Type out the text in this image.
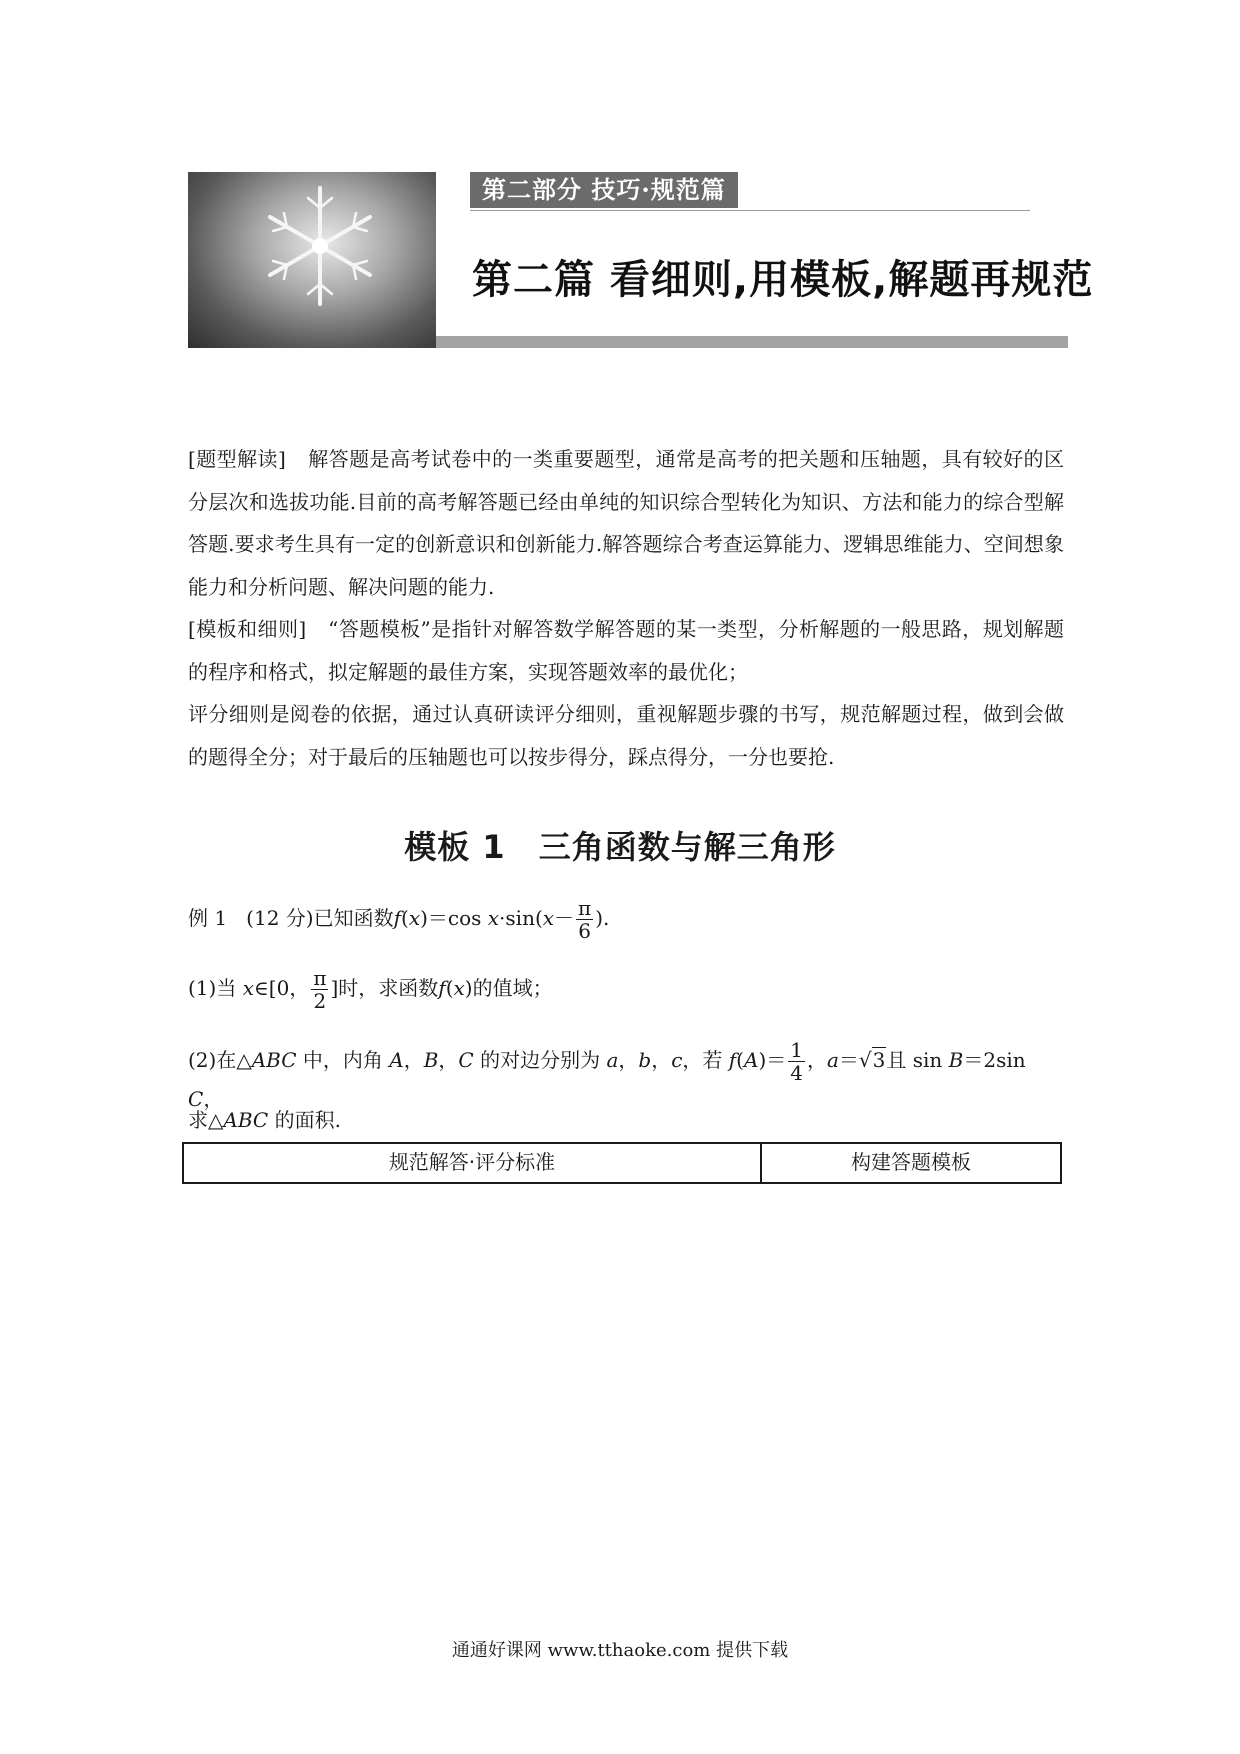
第二部分 技巧·规范篇
第二篇 看细则,用模板,解题再规范

[题型解读] 解答题是高考试卷中的一类重要题型，通常是高考的把关题和压轴题，具有较好的区分层次和选拔功能.目前的高考解答题已经由单纯的知识综合型转化为知识、方法和能力的综合型解答题.要求考生具有一定的创新意识和创新能力.解答题综合考查运算能力、逻辑思维能力、空间想象能力和分析问题、解决问题的能力.

[模板和细则] “答题模板”是指针对解答数学解答题的某一类型，分析解题的一般思路，规划解题的程序和格式，拟定解题的最佳方案，实现答题效率的最优化；

评分细则是阅卷的依据，通过认真研读评分细则，重视解题步骤的书写，规范解题过程，做到会做的题得全分；对于最后的压轴题也可以按步得分，踩点得分，一分也要抢.

模板 1　三角函数与解三角形
例 1 (12 分)已知函数f(x)＝cos $x\cdot\sin(x- \frac{\pi}{6}$ ).
(1)当 x∈[0， $\frac{\pi}{2}$ ]时，求函数f(x)的值域；
(2)在△ABC 中，内角 A，B，C 的对边分别为 a，b，c，若 $f(A)= \frac{1}{4}$ ，a＝√3且 sin B＝2sin C，
求△ABC 的面积.
规范解答·评分标准	构建答题模板
通通好课网 www.tthaoke.com 提供下载
